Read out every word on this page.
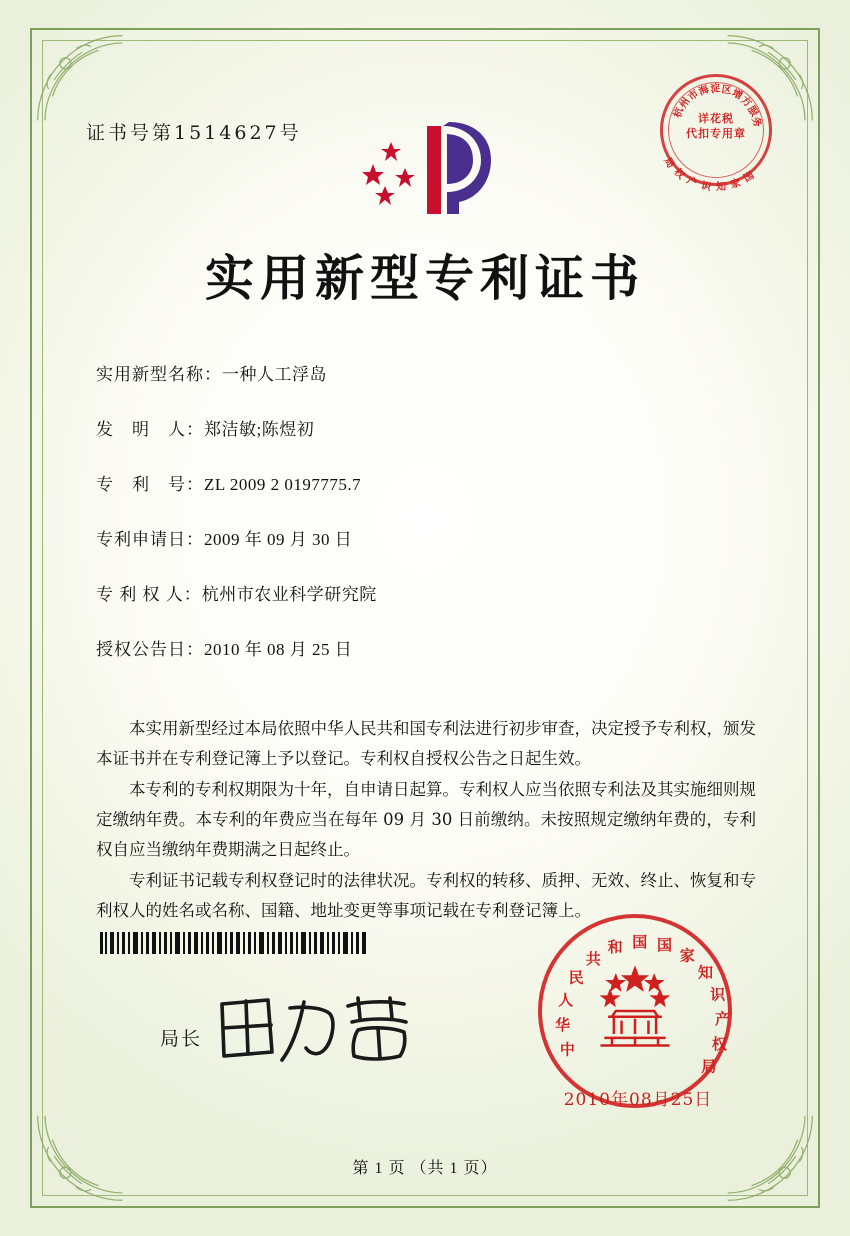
证书号第1514627号
杭
州
市
海
淀 区
增
方
服
务
详花税
代扣专用章
国
家
知
识
产
权
局
实用新型专利证书
实用新型名称：一种人工浮岛
发　明　人：郑洁敏;陈煜初
专　利　号：ZL 2009 2 0197775.7
专利申请日：2009 年 09 月 30 日
专 利 权 人：杭州市农业科学研究院
授权公告日：2010 年 08 月 25 日

本实用新型经过本局依照中华人民共和国专利法进行初步审查，决定授予专利权，颁发本证书并在专利登记簿上予以登记。专利权自授权公告之日起生效。

本专利的专利权期限为十年，自申请日起算。专利权人应当依照专利法及其实施细则规定缴纳年费。本专利的年费应当在每年 09 月 30 日前缴纳。未按照规定缴纳年费的，专利权自应当缴纳年费期满之日起终止。

专利证书记载专利权登记时的法律状况。专利权的转移、质押、无效、终止、恢复和专利权人的姓名或名称、国籍、地址变更等事项记载在专利登记簿上。

局长
中
华
人
民
共
和 国 国
家
知
识
产
权
局
2010年08月25日
第 1 页 （共 1 页）
